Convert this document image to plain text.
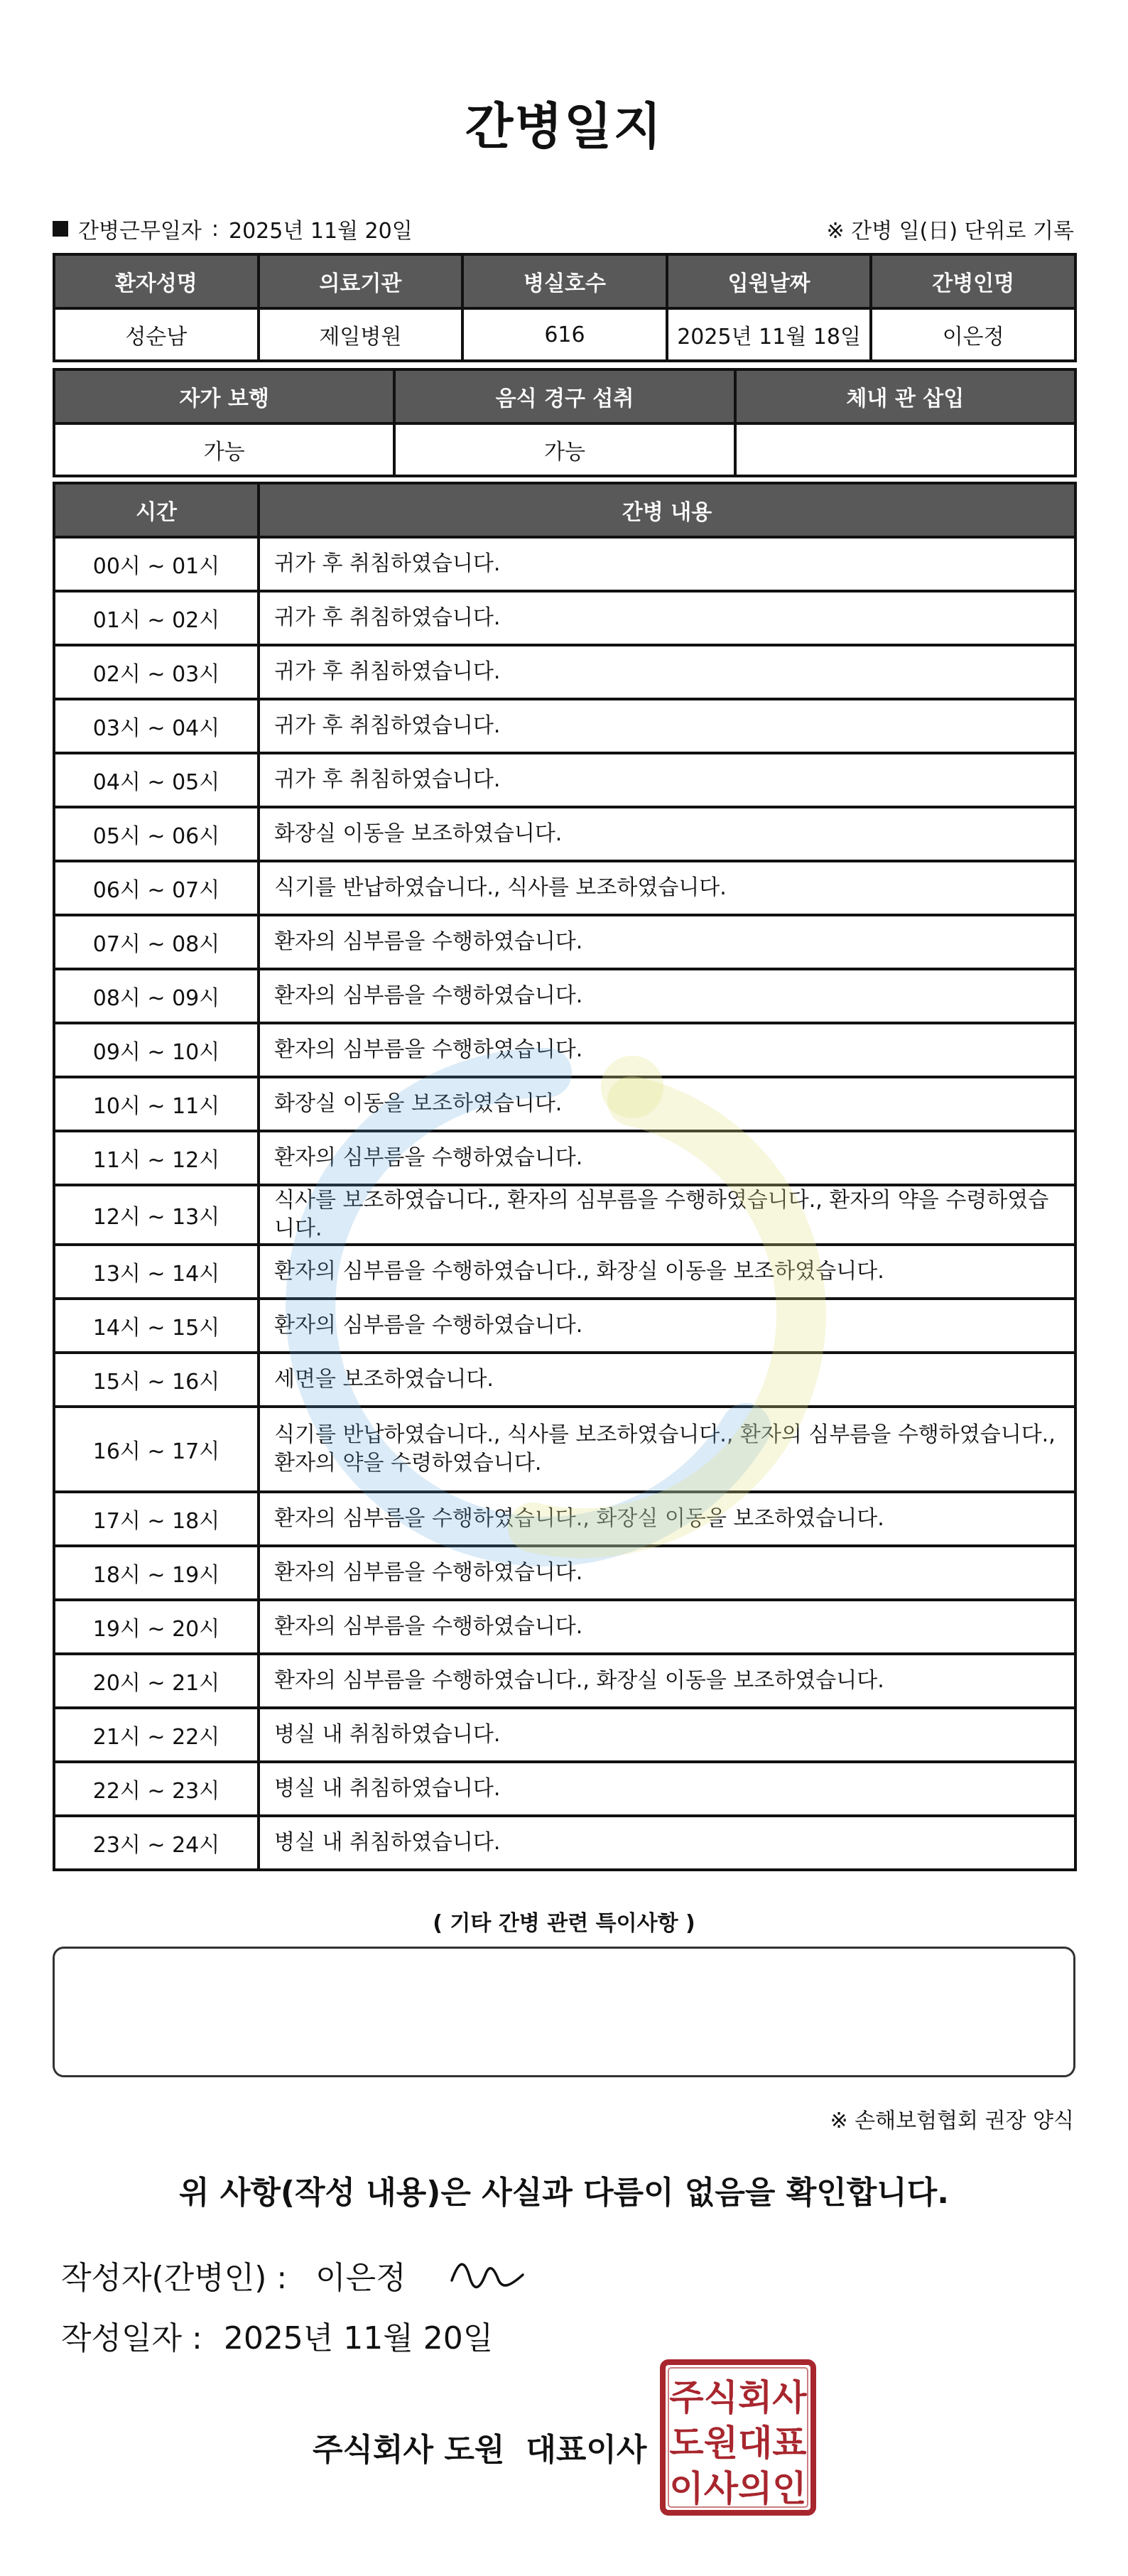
간병일지
간병근무일자 : 2025년 11월 20일	※ 간병 일(日) 단위로 기록
환자성명	의료기관	병실호수	입원날짜	간병인명
성순남	제일병원	616	2025년 11월 18일	이은정
자가 보행	음식 경구 섭취	체내 관 삽입
가능	가능	
시간	간병 내용
00시 ~ 01시	귀가 후 취침하였습니다.
01시 ~ 02시	귀가 후 취침하였습니다.
02시 ~ 03시	귀가 후 취침하였습니다.
03시 ~ 04시	귀가 후 취침하였습니다.
04시 ~ 05시	귀가 후 취침하였습니다.
05시 ~ 06시	화장실 이동을 보조하였습니다.
06시 ~ 07시	식기를 반납하였습니다., 식사를 보조하였습니다.
07시 ~ 08시	환자의 심부름을 수행하였습니다.
08시 ~ 09시	환자의 심부름을 수행하였습니다.
09시 ~ 10시	환자의 심부름을 수행하였습니다.
10시 ~ 11시	화장실 이동을 보조하였습니다.
11시 ~ 12시	환자의 심부름을 수행하였습니다.
12시 ~ 13시	식사를 보조하였습니다., 환자의 심부름을 수행하였습니다., 환자의 약을 수령하였습니다.
13시 ~ 14시	환자의 심부름을 수행하였습니다., 화장실 이동을 보조하였습니다.
14시 ~ 15시	환자의 심부름을 수행하였습니다.
15시 ~ 16시	세면을 보조하였습니다.
16시 ~ 17시	식기를 반납하였습니다., 식사를 보조하였습니다., 환자의 심부름을 수행하였습니다., 환자의 약을 수령하였습니다.
17시 ~ 18시	환자의 심부름을 수행하였습니다., 화장실 이동을 보조하였습니다.
18시 ~ 19시	환자의 심부름을 수행하였습니다.
19시 ~ 20시	환자의 심부름을 수행하였습니다.
20시 ~ 21시	환자의 심부름을 수행하였습니다., 화장실 이동을 보조하였습니다.
21시 ~ 22시	병실 내 취침하였습니다.
22시 ~ 23시	병실 내 취침하였습니다.
23시 ~ 24시	병실 내 취침하였습니다.
( 기타 간병 관련 특이사항 )
※ 손해보험협회 권장 양식
위 사항(작성 내용)은 사실과 다름이 없음을 확인합니다.
작성자(간병인) : 이은정
작성일자 : 2025년 11월 20일
주식회사 도원 대표이사
주식회사
도원대표
이사의인
